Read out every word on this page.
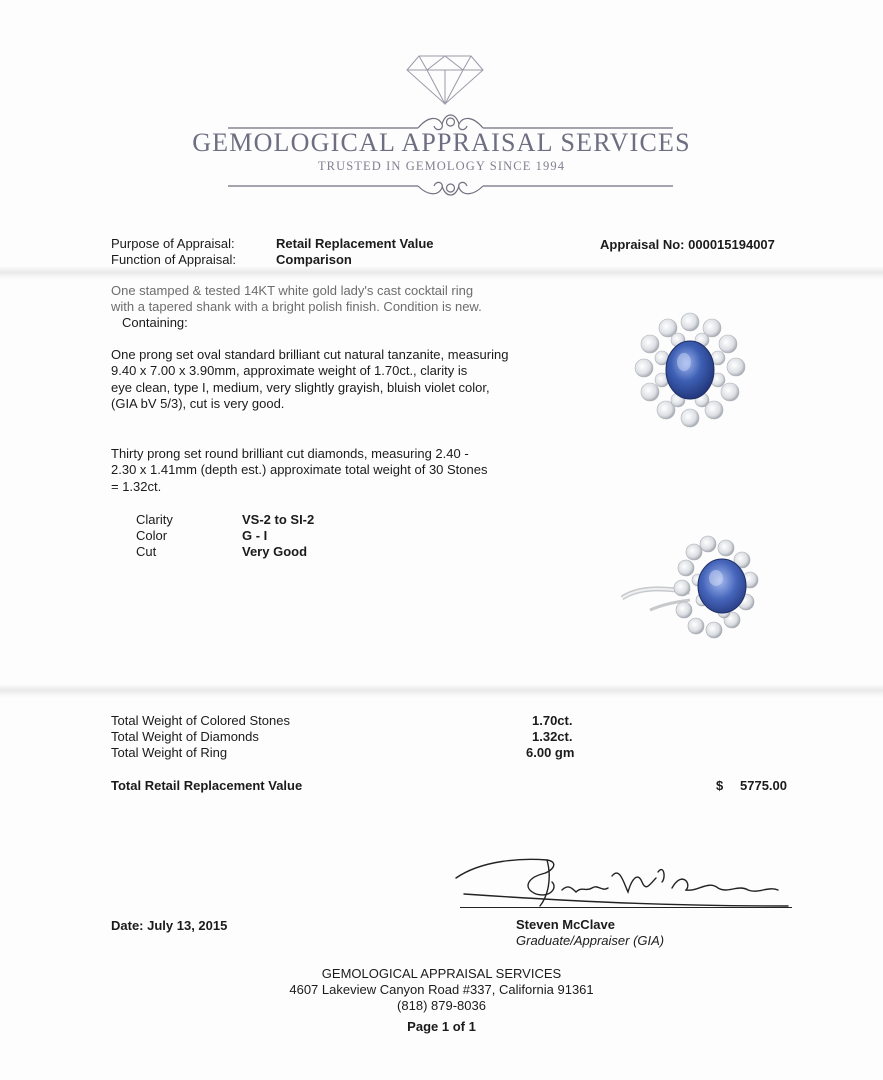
GEMOLOGICAL APPRAISAL SERVICES
TRUSTED IN GEMOLOGY SINCE 1994
Purpose of Appraisal:	Retail Replacement Value
Function of Appraisal:	Comparison
Appraisal No: 000015194007
One stamped & tested 14KT white gold lady's cast cocktail ring
with a tapered shank with a bright polish finish. Condition is new.
Containing:
One prong set oval standard brilliant cut natural tanzanite, measuring
9.40 x 7.00 x 3.90mm, approximate weight of 1.70ct., clarity is
eye clean, type I, medium, very slightly grayish, bluish violet color,
(GIA bV 5/3), cut is very good.
Thirty prong set round brilliant cut diamonds, measuring 2.40 -
2.30 x 1.41mm (depth est.) approximate total weight of 30 Stones
= 1.32ct.
Clarity	VS-2 to SI-2
Color	G - I
Cut	Very Good
Total Weight of Colored Stones	1.70ct.
Total Weight of Diamonds	1.32ct.
Total Weight of Ring	6.00 gm
Total Retail Replacement Value	$ 5775.00
Date: July 13, 2015	Steven McClave
Graduate/Appraiser (GIA)
GEMOLOGICAL APPRAISAL SERVICES
4607 Lakeview Canyon Road #337, California 91361
(818) 879-8036
Page 1 of 1
